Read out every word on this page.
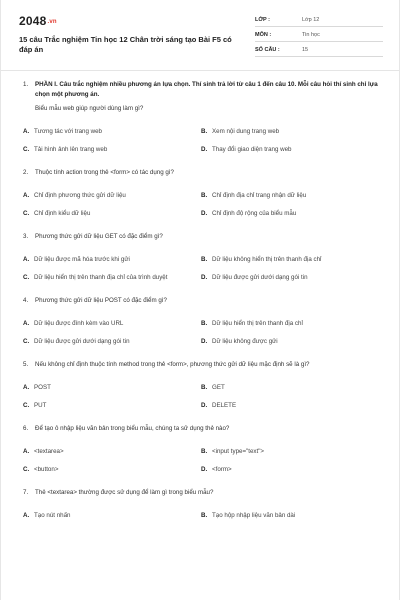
$2048^{.vn}$
15 câu Trắc nghiệm Tin học 12 Chân trời sáng tạo Bài F5 có đáp án
LỚP :	Lớp 12
MÔN :	Tin học
SỐ CÂU :	15
1. PHẦN I. Câu trắc nghiệm nhiều phương án lựa chọn. Thí sinh trả lời từ câu 1 đến câu 10. Mỗi câu hỏi thí sinh chỉ lựa chọn một phương án.
Biểu mẫu web giúp người dùng làm gì?
A. Tương tác với trang web	B. Xem nội dung trang web
C. Tải hình ảnh lên trang web	D. Thay đổi giao diện trang web
2. Thuộc tính action trong thẻ <form> có tác dụng gì?
A. Chỉ định phương thức gửi dữ liệu	B. Chỉ định địa chỉ trang nhận dữ liệu
C. Chỉ định kiểu dữ liệu	D. Chỉ định độ rộng của biểu mẫu
3. Phương thức gửi dữ liệu GET có đặc điểm gì?
A. Dữ liệu được mã hóa trước khi gửi	B. Dữ liệu không hiển thị trên thanh địa chỉ
C. Dữ liệu hiển thị trên thanh địa chỉ của trình duyệt	D. Dữ liệu được gửi dưới dạng gói tin
4. Phương thức gửi dữ liệu POST có đặc điểm gì?
A. Dữ liệu được đính kèm vào URL	B. Dữ liệu hiển thị trên thanh địa chỉ
C. Dữ liệu được gửi dưới dạng gói tin	D. Dữ liệu không được gửi
5. Nếu không chỉ định thuộc tính method trong thẻ <form>, phương thức gửi dữ liệu mặc định sẽ là gì?
A. POST	B. GET
C. PUT	D. DELETE
6. Để tạo ô nhập liệu văn bản trong biểu mẫu, chúng ta sử dụng thẻ nào?
A. <textarea>	B. <input type="text">
C. <button>	D. <form>
7. Thẻ <textarea> thường được sử dụng để làm gì trong biểu mẫu?
A. Tạo nút nhấn	B. Tạo hộp nhập liệu văn bản dài
